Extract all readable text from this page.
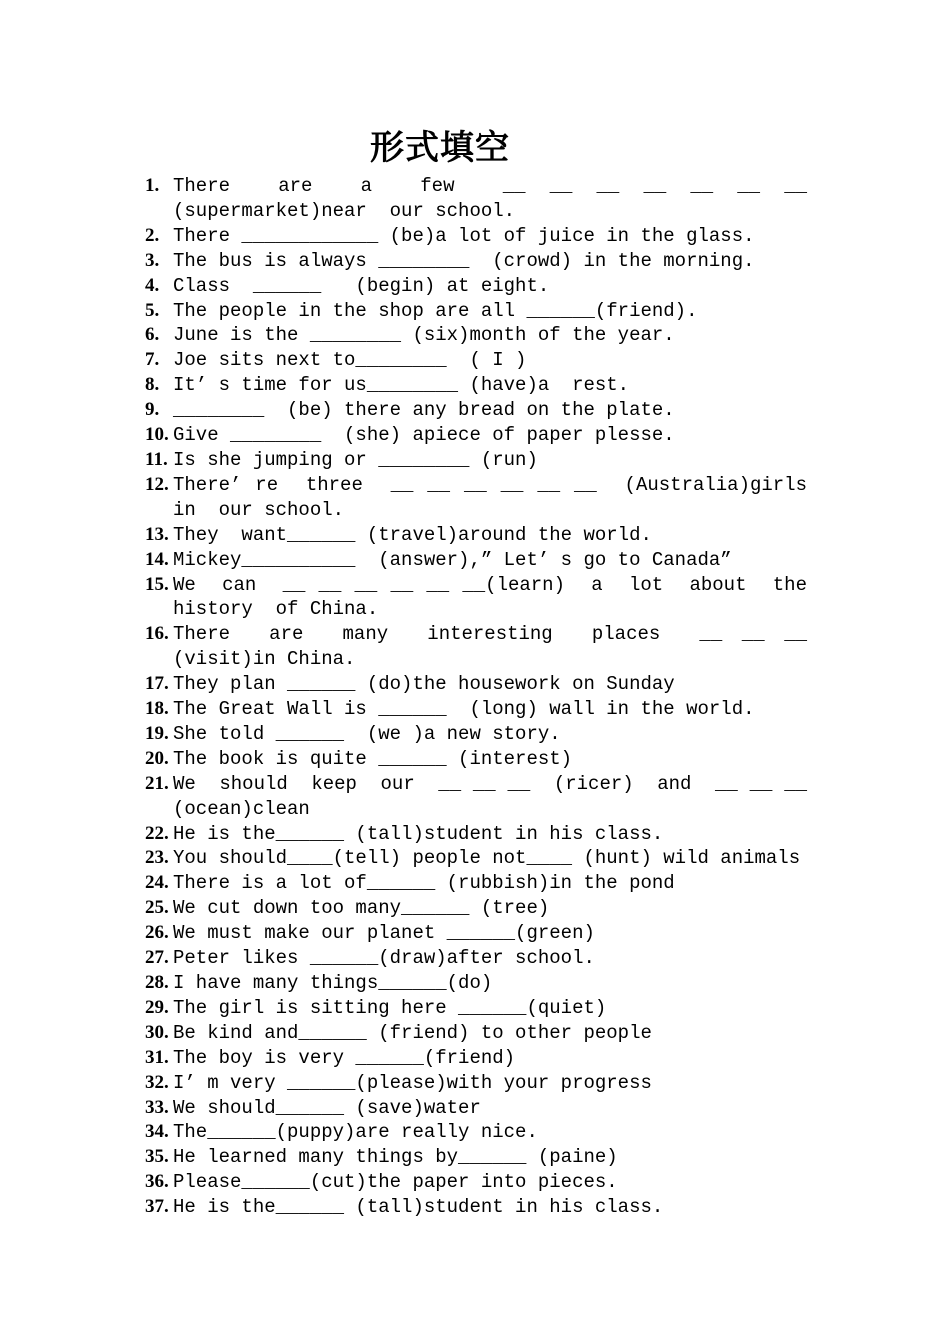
形式填空
1. There  are  a  few  __ __ __ __ __ __ __  (supermarket)near  our school.
2. There ____________ (be)a lot of juice in the glass.
3. The bus is always ________  (crowd) in the morning.
4. Class  ______   (begin) at eight.
5. The people in the shop are all ______(friend).
6. June is the ________ (six)month of the year.
7. Joe sits next to________  ( I )
8. It’ s time for us________ (have)a  rest.
9. ________  (be) there any bread on the plate.
10. Give ________  (she) apiece of paper plesse.
11. Is she jumping or ________ (run)
12. There’ re  three  __ __ __ __ __ __  (Australia)girls  in  our school.
13. They  want______ (travel)around the world.
14. Mickey__________  (answer),” Let’ s go to Canada”
15. We  can  __ __ __ __ __ __(learn)  a  lot  about  the  history  of China.
16. There  are  many  interesting  places  __ __ __    (visit)in China.
17. They plan ______ (do)the housework on Sunday
18. The Great Wall is ______  (long) wall in the world.
19. She told ______  (we )a new story.
20. The book is quite ______ (interest)
21. We  should  keep  our  __ __ __  (ricer)  and  __ __ __ (ocean)clean
22. He is the______ (tall)student in his class.
23. You should____(tell) people not____ (hunt) wild animals
24. There is a lot of______ (rubbish)in the pond
25. We cut down too many______ (tree)
26. We must make our planet ______(green)
27. Peter likes ______(draw)after school.
28. I have many things______(do)
29. The girl is sitting here ______(quiet)
30. Be kind and______ (friend) to other people
31. The boy is very ______(friend)
32. I’ m very ______(please)with your progress
33. We should______ (save)water
34. The______(puppy)are really nice.
35. He learned many things by______ (paine)
36. Please______(cut)the paper into pieces.
37. He is the______ (tall)student in his class.
